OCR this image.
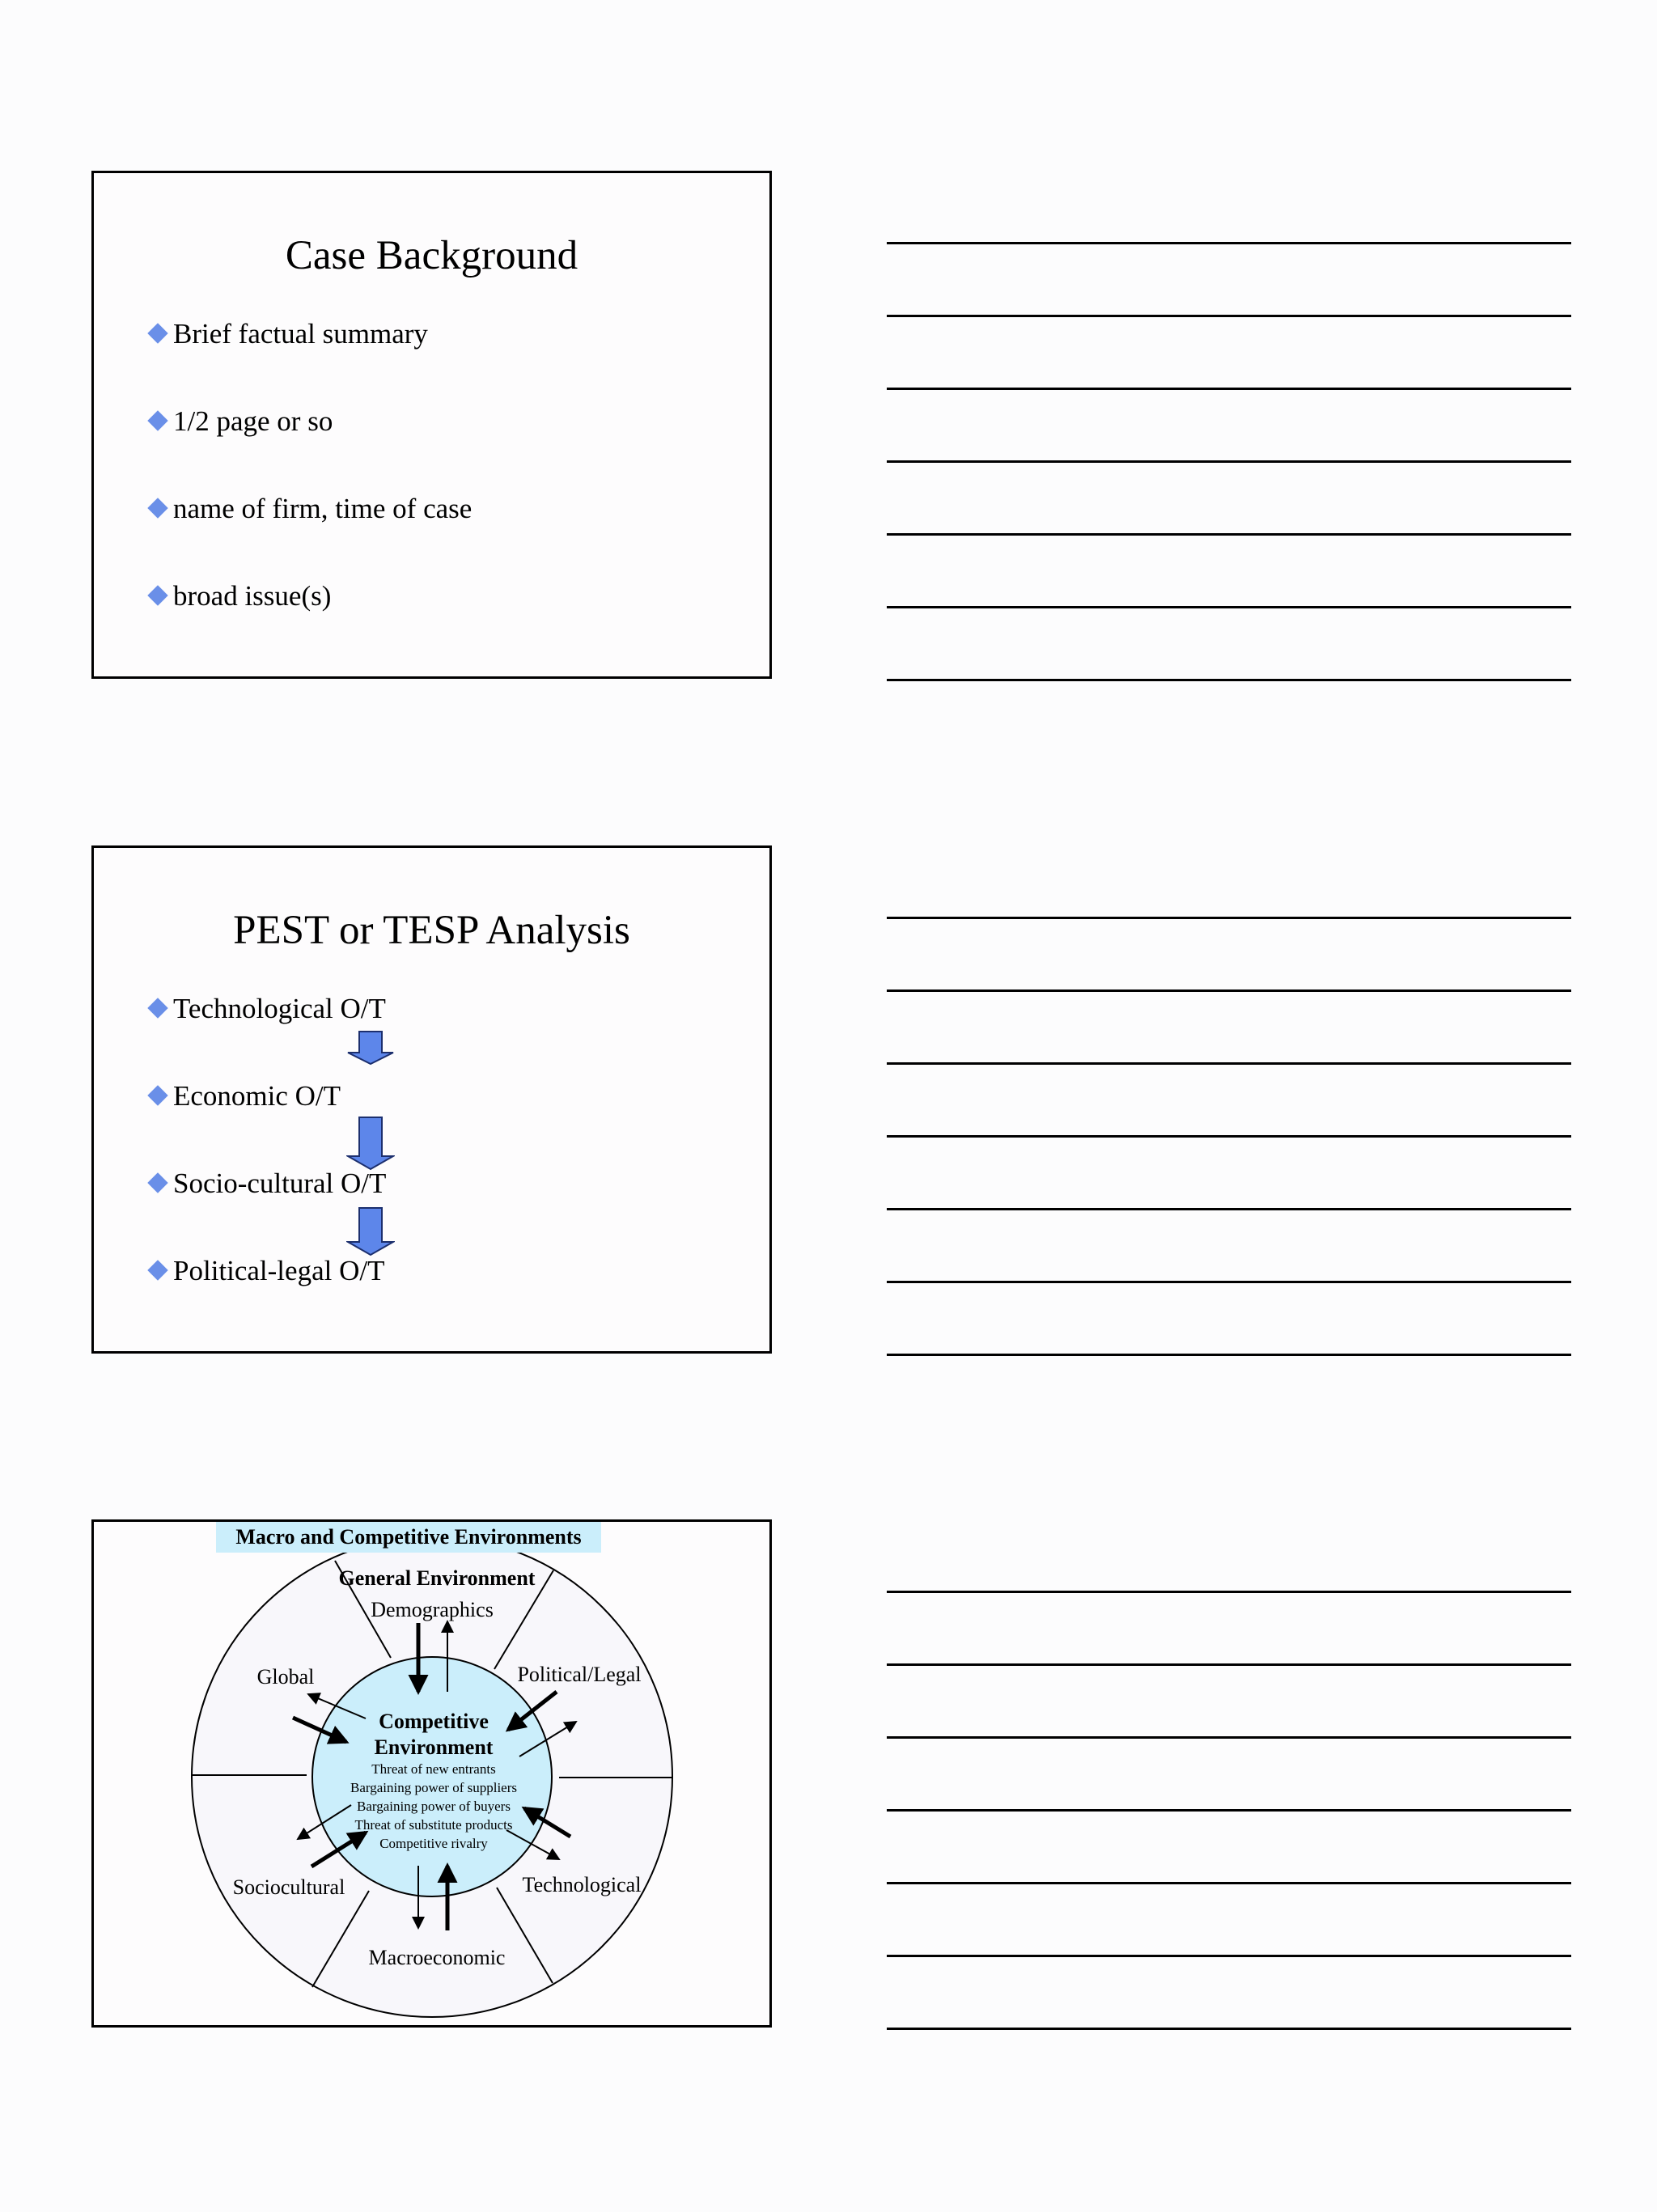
Case Background
Brief factual summary
1/2 page or so
name of firm, time of case
broad issue(s)
PEST or TESP Analysis
Technological O/T
Economic O/T
Socio-cultural O/T
Political-legal O/T
Macro and Competitive Environments
General Environment
Demographics
Political/Legal
Technological
Macroeconomic
Sociocultural
Global
Competitive
Environment
Threat of new entrants
Bargaining power of suppliers
Bargaining power of buyers
Threat of substitute products
Competitive rivalry
